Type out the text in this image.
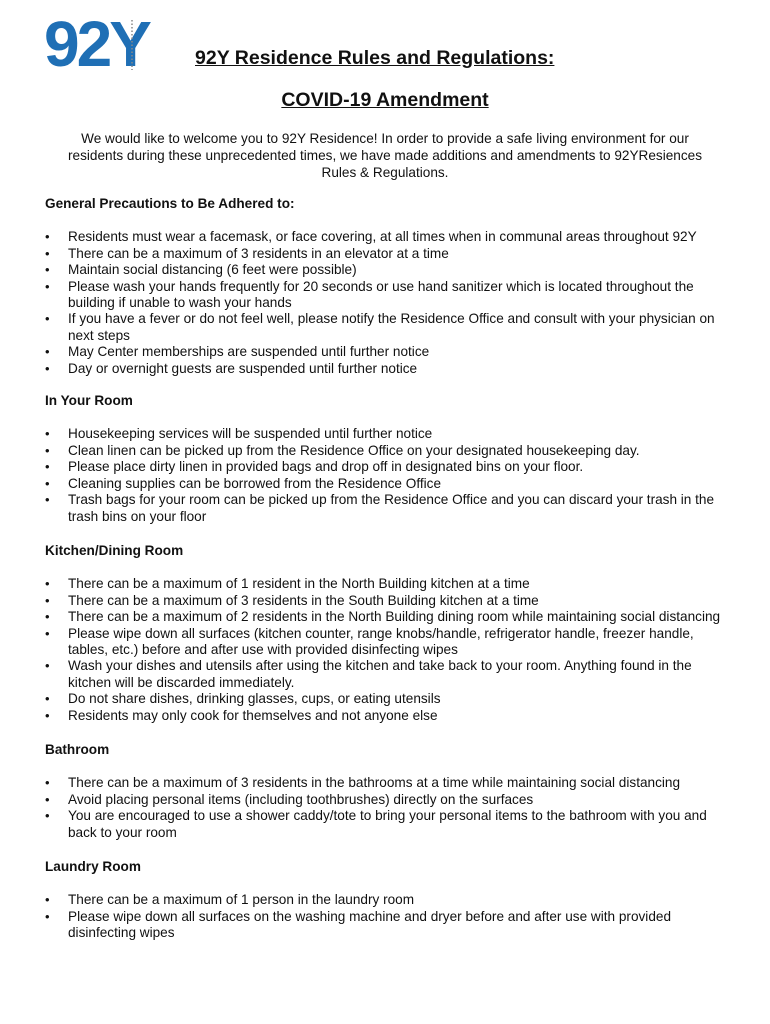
92Y 92Y Residence Rules and Regulations:
COVID-19 Amendment
We would like to welcome you to 92Y Residence! In order to provide a safe living environment for our residents during these unprecedented times, we have made additions and amendments to 92YResiences Rules & Regulations.
General Precautions to Be Adhered to:
• Residents must wear a facemask, or face covering, at all times when in communal areas throughout 92Y
• There can be a maximum of 3 residents in an elevator at a time
• Maintain social distancing (6 feet were possible)
• Please wash your hands frequently for 20 seconds or use hand sanitizer which is located throughout the building if unable to wash your hands
• If you have a fever or do not feel well, please notify the Residence Office and consult with your physician on next steps
• May Center memberships are suspended until further notice
• Day or overnight guests are suspended until further notice
In Your Room
• Housekeeping services will be suspended until further notice
• Clean linen can be picked up from the Residence Office on your designated housekeeping day.
• Please place dirty linen in provided bags and drop off in designated bins on your floor.
• Cleaning supplies can be borrowed from the Residence Office
• Trash bags for your room can be picked up from the Residence Office and you can discard your trash in the trash bins on your floor
Kitchen/Dining Room
• There can be a maximum of 1 resident in the North Building kitchen at a time
• There can be a maximum of 3 residents in the South Building kitchen at a time
• There can be a maximum of 2 residents in the North Building dining room while maintaining social distancing
• Please wipe down all surfaces (kitchen counter, range knobs/handle, refrigerator handle, freezer handle, tables, etc.) before and after use with provided disinfecting wipes
• Wash your dishes and utensils after using the kitchen and take back to your room. Anything found in the kitchen will be discarded immediately.
• Do not share dishes, drinking glasses, cups, or eating utensils
• Residents may only cook for themselves and not anyone else
Bathroom
• There can be a maximum of 3 residents in the bathrooms at a time while maintaining social distancing
• Avoid placing personal items (including toothbrushes) directly on the surfaces
• You are encouraged to use a shower caddy/tote to bring your personal items to the bathroom with you and back to your room
Laundry Room
• There can be a maximum of 1 person in the laundry room
• Please wipe down all surfaces on the washing machine and dryer before and after use with provided disinfecting wipes
